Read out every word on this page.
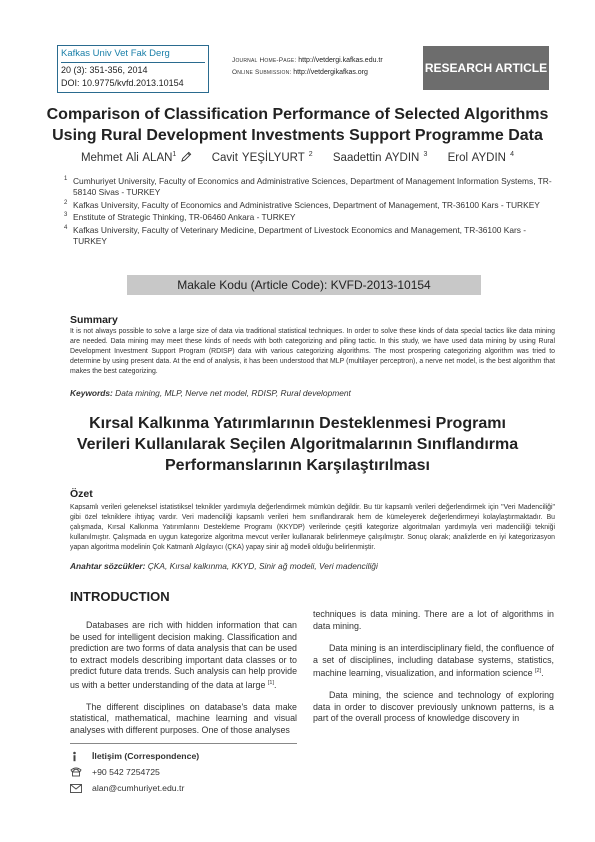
Kafkas Univ Vet Fak Derg
20 (3): 351-356, 2014
DOI: 10.9775/kvfd.2013.10154
Journal Home-Page: http://vetdergi.kafkas.edu.tr
Online Submission: http://vetdergikafkas.org	RESEARCH ARTICLE
Comparison of Classification Performance of Selected Algorithms
Using Rural Development Investments Support Programme Data
Mehmet Ali ALAN$^1$	Cavit YEŞİLYURT $^2$ Saadettin AYDIN $^3$ Erol AYDIN $^4$
1 Cumhuriyet University, Faculty of Economics and Administrative Sciences, Department of Management Information Systems, TR-58140 Sivas - TURKEY
2 Kafkas University, Faculty of Economics and Administrative Sciences, Department of Management, TR-36100 Kars - TURKEY
3 Enstitute of Strategic Thinking, TR-06460 Ankara - TURKEY
4 Kafkas University, Faculty of Veterinary Medicine, Department of Livestock Economics and Management, TR-36100 Kars - TURKEY
Makale Kodu (Article Code): KVFD-2013-10154
Summary
It is not always possible to solve a large size of data via traditional statistical techniques. In order to solve these kinds of data special tactics like data mining are needed. Data mining may meet these kinds of needs with both categorizing and piling tactic. In this study, we have used data mining by using Rural Development Investment Support Program (RDISP) data with various categorizing algorithms. The most prospering categorizing algorithm was tried to determine by using present data. At the end of analysis, it has been understood that MLP (multilayer perceptron), a nerve net model, is the best algorithm that makes the best categorizing.
Keywords: Data mining, MLP, Nerve net model, RDISP, Rural development
Kırsal Kalkınma Yatırımlarının Desteklenmesi Programı
Verileri Kullanılarak Seçilen Algoritmalarının Sınıflandırma
Performanslarının Karşılaştırılması
Özet
Kapsamlı verileri geleneksel istatistiksel teknikler yardımıyla değerlendirmek mümkün değildir. Bu tür kapsamlı verileri değerlendirmek için "Veri Madenciliği" gibi özel tekniklere ihtiyaç vardır. Veri madenciliği kapsamlı verileri hem sınıflandırarak hem de kümeleyerek değerlendirmeyi kolaylaştırmaktadır. Bu çalışmada, Kırsal Kalkınma Yatırımlarını Destekleme Programı (KKYDP) verilerinde çeşitli kategorize algoritmaları yardımıyla veri madenciliği tekniği kullanılmıştır. Çalışmada en uygun kategorize algoritma mevcut veriler kullanarak belirlenmeye çalışılmıştır. Sonuç olarak; analizlerde en iyi kategorizasyon yapan algoritma modelinin Çok Katmanlı Algılayıcı (ÇKA) yapay sinir ağ modeli olduğu belirlenmiştir.
Anahtar sözcükler: ÇKA, Kırsal kalkınma, KKYD, Sinir ağ modeli, Veri madenciliği
INTRODUCTION

Databases are rich with hidden information that can be used for intelligent decision making. Classification and prediction are two forms of data analysis that can be used to extract models describing important data classes or to predict future data trends. Such analysis can help provide us with a better understanding of the data at large [1].

The different disciplines on database's data make statistical, mathematical, machine learning and visual analyses with different purposes. One of those analyses

techniques is data mining. There are a lot of algorithms in data mining.

Data mining is an interdisciplinary field, the confluence of a set of disciplines, including database systems, statistics, machine learning, visualization, and information science [2].

Data mining, the science and technology of exploring data in order to discover previously unknown patterns, is a part of the overall process of knowledge discovery in

İletişim (Correspondence)
+90 542 7254725
alan@cumhuriyet.edu.tr
